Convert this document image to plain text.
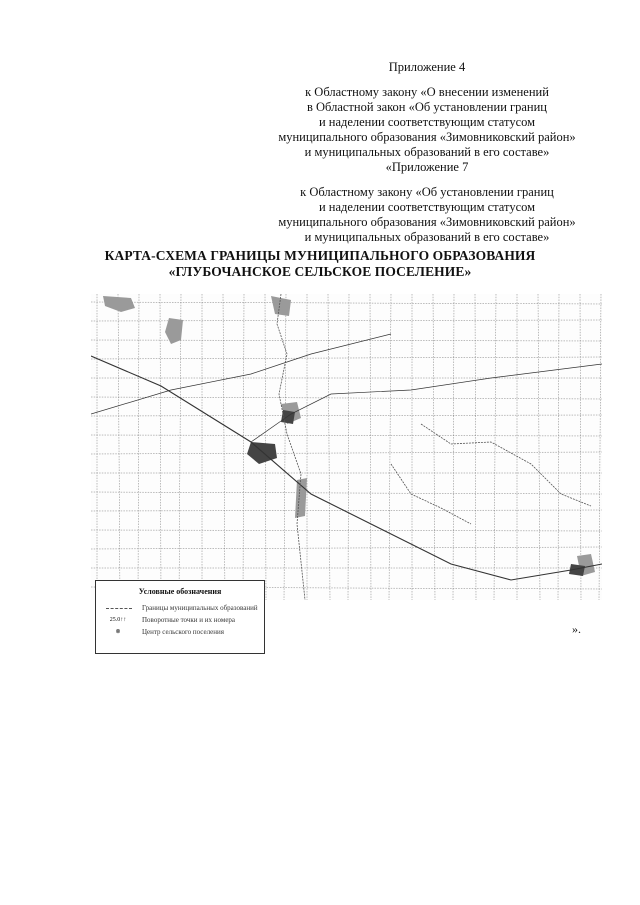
Приложение 4
к Областному закону «О внесении изменений
в Областной закон «Об установлении границ
и наделении соответствующим статусом
муниципального образования «Зимовниковский район»
и муниципальных образований в его составе»
«Приложение 7
к Областному закону «Об установлении границ
и наделении соответствующим статусом
муниципального образования «Зимовниковский район»
и муниципальных образований в его составе»
КАРТА-СХЕМА ГРАНИЦЫ МУНИЦИПАЛЬНОГО ОБРАЗОВАНИЯ
«ГЛУБОЧАНСКОЕ СЕЛЬСКОЕ ПОСЕЛЕНИЕ»
Условные обозначения
Границы муниципальных образований
25.0↑↑	Поворотные точки и их номера
⊗	Центр сельского поселения	».
